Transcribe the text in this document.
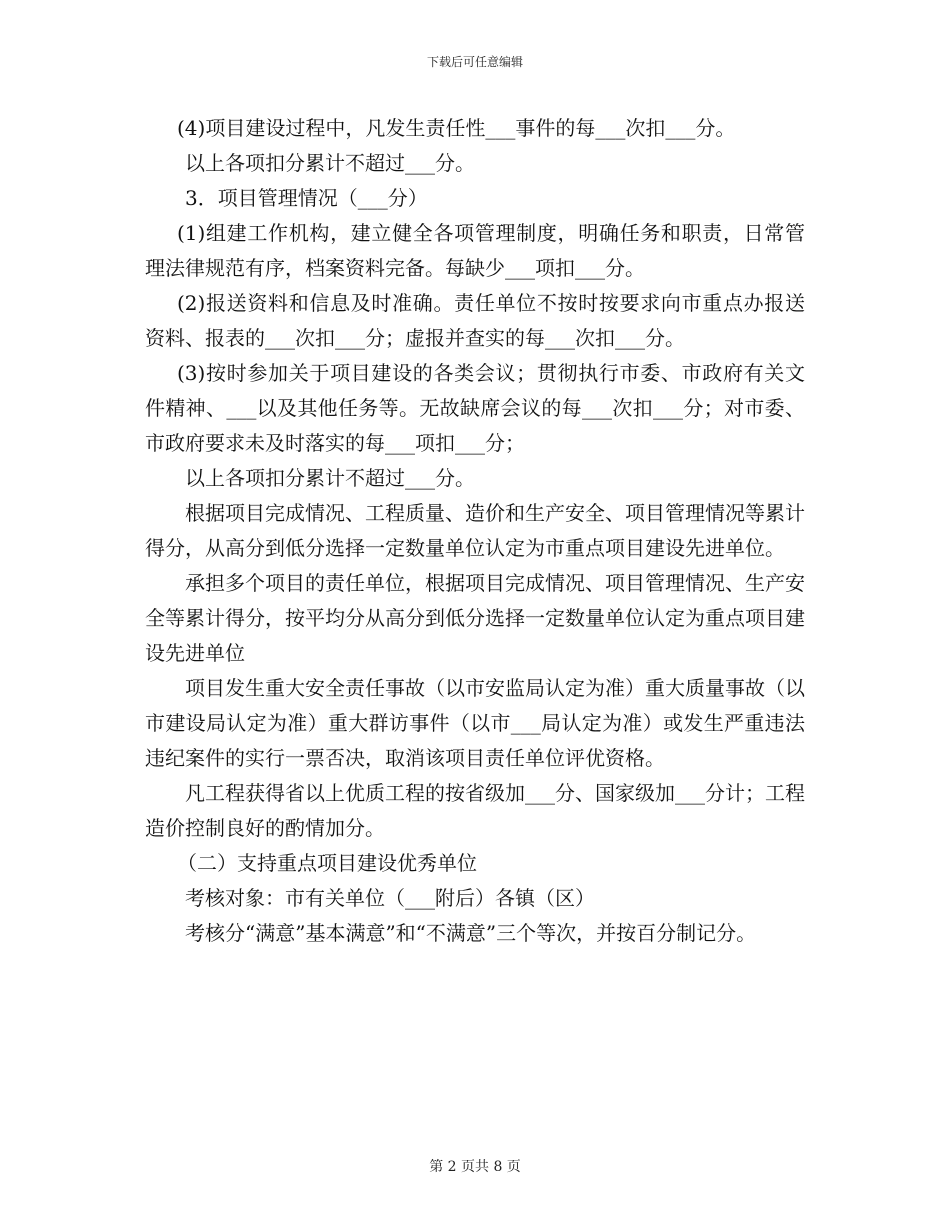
下载后可任意编辑

(4)项目建设过程中，凡发生责任性___事件的每___次扣___分。

以上各项扣分累计不超过___分。

3．项目管理情况（___分）

(1)组建工作机构，建立健全各项管理制度，明确任务和职责，日常管理法律规范有序，档案资料完备。每缺少___项扣___分。

(2)报送资料和信息及时准确。责任单位不按时按要求向市重点办报送资料、报表的___次扣___分；虚报并查实的每___次扣___分。

(3)按时参加关于项目建设的各类会议；贯彻执行市委、市政府有关文件精神、___以及其他任务等。无故缺席会议的每___次扣___分；对市委、市政府要求未及时落实的每___项扣___分；

以上各项扣分累计不超过___分。

根据项目完成情况、工程质量、造价和生产安全、项目管理情况等累计得分，从高分到低分选择一定数量单位认定为市重点项目建设先进单位。

承担多个项目的责任单位，根据项目完成情况、项目管理情况、生产安全等累计得分，按平均分从高分到低分选择一定数量单位认定为重点项目建设先进单位

项目发生重大安全责任事故（以市安监局认定为准）重大质量事故（以市建设局认定为准）重大群访事件（以市___局认定为准）或发生严重违法违纪案件的实行一票否决，取消该项目责任单位评优资格。

凡工程获得省以上优质工程的按省级加___分、国家级加___分计；工程造价控制良好的酌情加分。

（二）支持重点项目建设优秀单位

考核对象：市有关单位（___附后）各镇（区）

考核分“满意”基本满意”和“不满意”三个等次，并按百分制记分。

第 2 页共 8 页
